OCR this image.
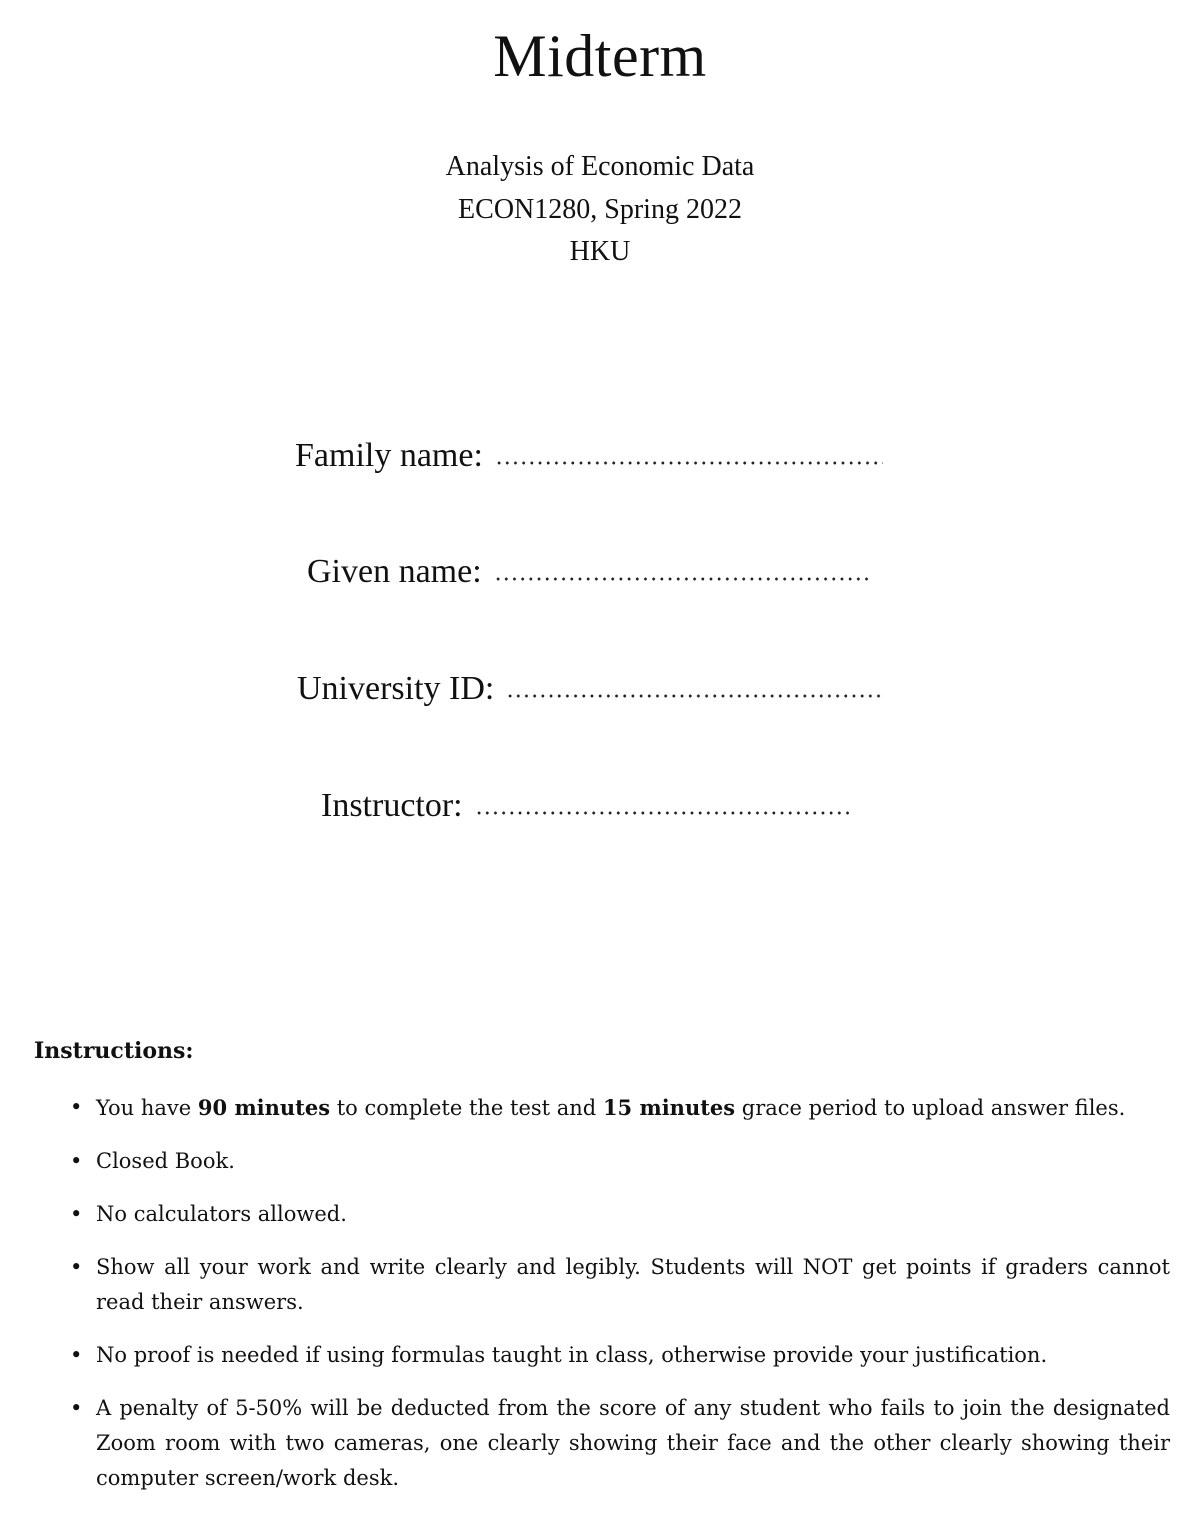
Midterm
Analysis of Economic Data
ECON1280, Spring 2022
HKU
Family name:
Given name:
University ID:
Instructor:
Instructions:
• You have 90 minutes to complete the test and 15 minutes grace period to upload answer files.
• Closed Book.
• No calculators allowed.
• Show all your work and write clearly and legibly. Students will NOT get points if graders cannot read their answers.
• No proof is needed if using formulas taught in class, otherwise provide your justification.
• A penalty of 5-50% will be deducted from the score of any student who fails to join the designated Zoom room with two cameras, one clearly showing their face and the other clearly showing their computer screen/work desk.
